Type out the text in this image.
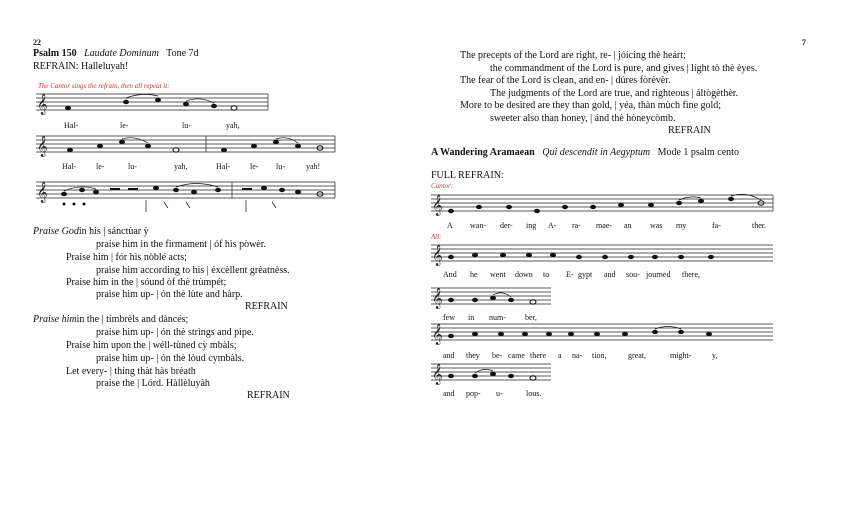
22
Psalm 150 Laudate Dominum Tone 7d
REFRAIN: Halleluyah!
The Cantor sings the refrain, then all repeat it:
𝄞
Hal-	le-	lu-	yah,
𝄞
Hal- le-	lu-	yah,	Hal- le- lu-	yah!
𝄞
Praise God in his | sánctùar ỳ
praise him in the firmament | óf hìs pòwèr.
Praise him | fór hìs nòblé acts;
praise him according to his | éxcèllent grèatnèss.
Praise him in the | sóund òf thè trùmpét;
praise him up- | ón thè lùte and hàrp.
REFRAIN
Praise him in the | tímbrèls and dàncés;
praise him up- | ón thè strìngs and pìpe.
Praise him upon the | wéll-tùned cỳ mbàls;
praise him up- | ón thè lòud cymbàls.
Let every- | thíng thàt hàs brèath
praise the | Lórd. Hàllèluyàh
REFRAIN
7
The precepts of the Lord are right, re- | jóicing thè heárt;
the commandment of the Lord is pure, and gives | líght tò thè èyes.
The fear of the Lord is clean, and en- | dúres fòrèvèr.
The judgments of the Lord are true, and righteous | áltògèthèr.
More to be desired are they than gold, | yéa, thàn mùch fìne gold;
sweeter also than honey, | ánd thè hòneycòmb.
REFRAIN
A Wandering Aramaean Qui descendit in Aegyptum Mode 1 psalm cento
FULL REFRAIN:
Cantor:
𝄞
A wan- der- ing A- ra- mae- an was my	fa-	ther.
All:
𝄞
And he went down to E- gypt and sou- journed there,
𝄞
few in num- ber,
𝄞
and they be- came there a na- tion,	great,	might-	y,
𝄞
and pop- u-	lous.
